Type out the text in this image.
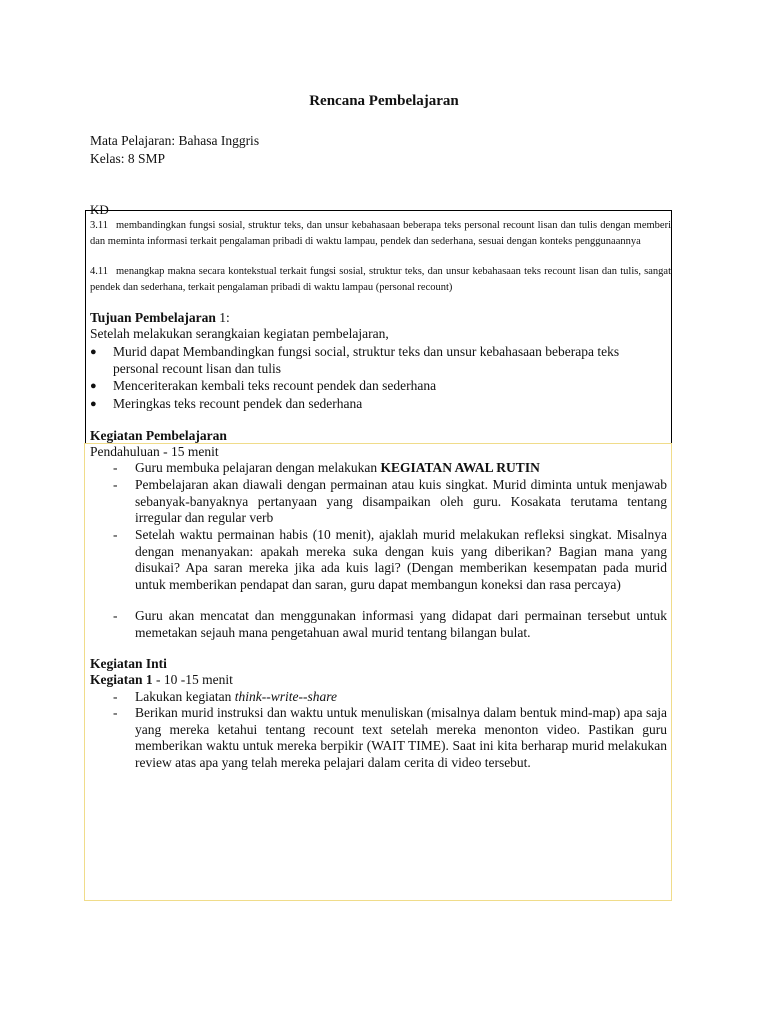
Rencana Pembelajaran
Mata Pelajaran: Bahasa Inggris
Kelas: 8 SMP
KD
3.11 membandingkan fungsi sosial, struktur teks, dan unsur kebahasaan beberapa teks personal recount lisan dan tulis dengan memberi dan meminta informasi terkait pengalaman pribadi di waktu lampau, pendek dan sederhana, sesuai dengan konteks penggunaannya
4.11 menangkap makna secara kontekstual terkait fungsi sosial, struktur teks, dan unsur kebahasaan teks recount lisan dan tulis, sangat pendek dan sederhana, terkait pengalaman pribadi di waktu lampau (personal recount)
Tujuan Pembelajaran 1:
Setelah melakukan serangkaian kegiatan pembelajaran,
● Murid dapat Membandingkan fungsi social, struktur teks dan unsur kebahasaan beberapa teks personal recount lisan dan tulis
● Menceriterakan kembali teks recount pendek dan sederhana
● Meringkas teks recount pendek dan sederhana
Kegiatan Pembelajaran
Pendahuluan - 15 menit
- Guru membuka pelajaran dengan melakukan KEGIATAN AWAL RUTIN
- Pembelajaran akan diawali dengan permainan atau kuis singkat. Murid diminta untuk menjawab sebanyak-banyaknya pertanyaan yang disampaikan oleh guru. Kosakata terutama tentang irregular dan regular verb
- Setelah waktu permainan habis (10 menit), ajaklah murid melakukan refleksi singkat. Misalnya dengan menanyakan: apakah mereka suka dengan kuis yang diberikan? Bagian mana yang disukai? Apa saran mereka jika ada kuis lagi? (Dengan memberikan kesempatan pada murid untuk memberikan pendapat dan saran, guru dapat membangun koneksi dan rasa percaya)
- Guru akan mencatat dan menggunakan informasi yang didapat dari permainan tersebut untuk memetakan sejauh mana pengetahuan awal murid tentang bilangan bulat.
Kegiatan Inti
Kegiatan 1 - 10 -15 menit
- Lakukan kegiatan think--write--share
- Berikan murid instruksi dan waktu untuk menuliskan (misalnya dalam bentuk mind-map) apa saja yang mereka ketahui tentang recount text setelah mereka menonton video. Pastikan guru memberikan waktu untuk mereka berpikir (WAIT TIME). Saat ini kita berharap murid melakukan review atas apa yang telah mereka pelajari dalam cerita di video tersebut.
